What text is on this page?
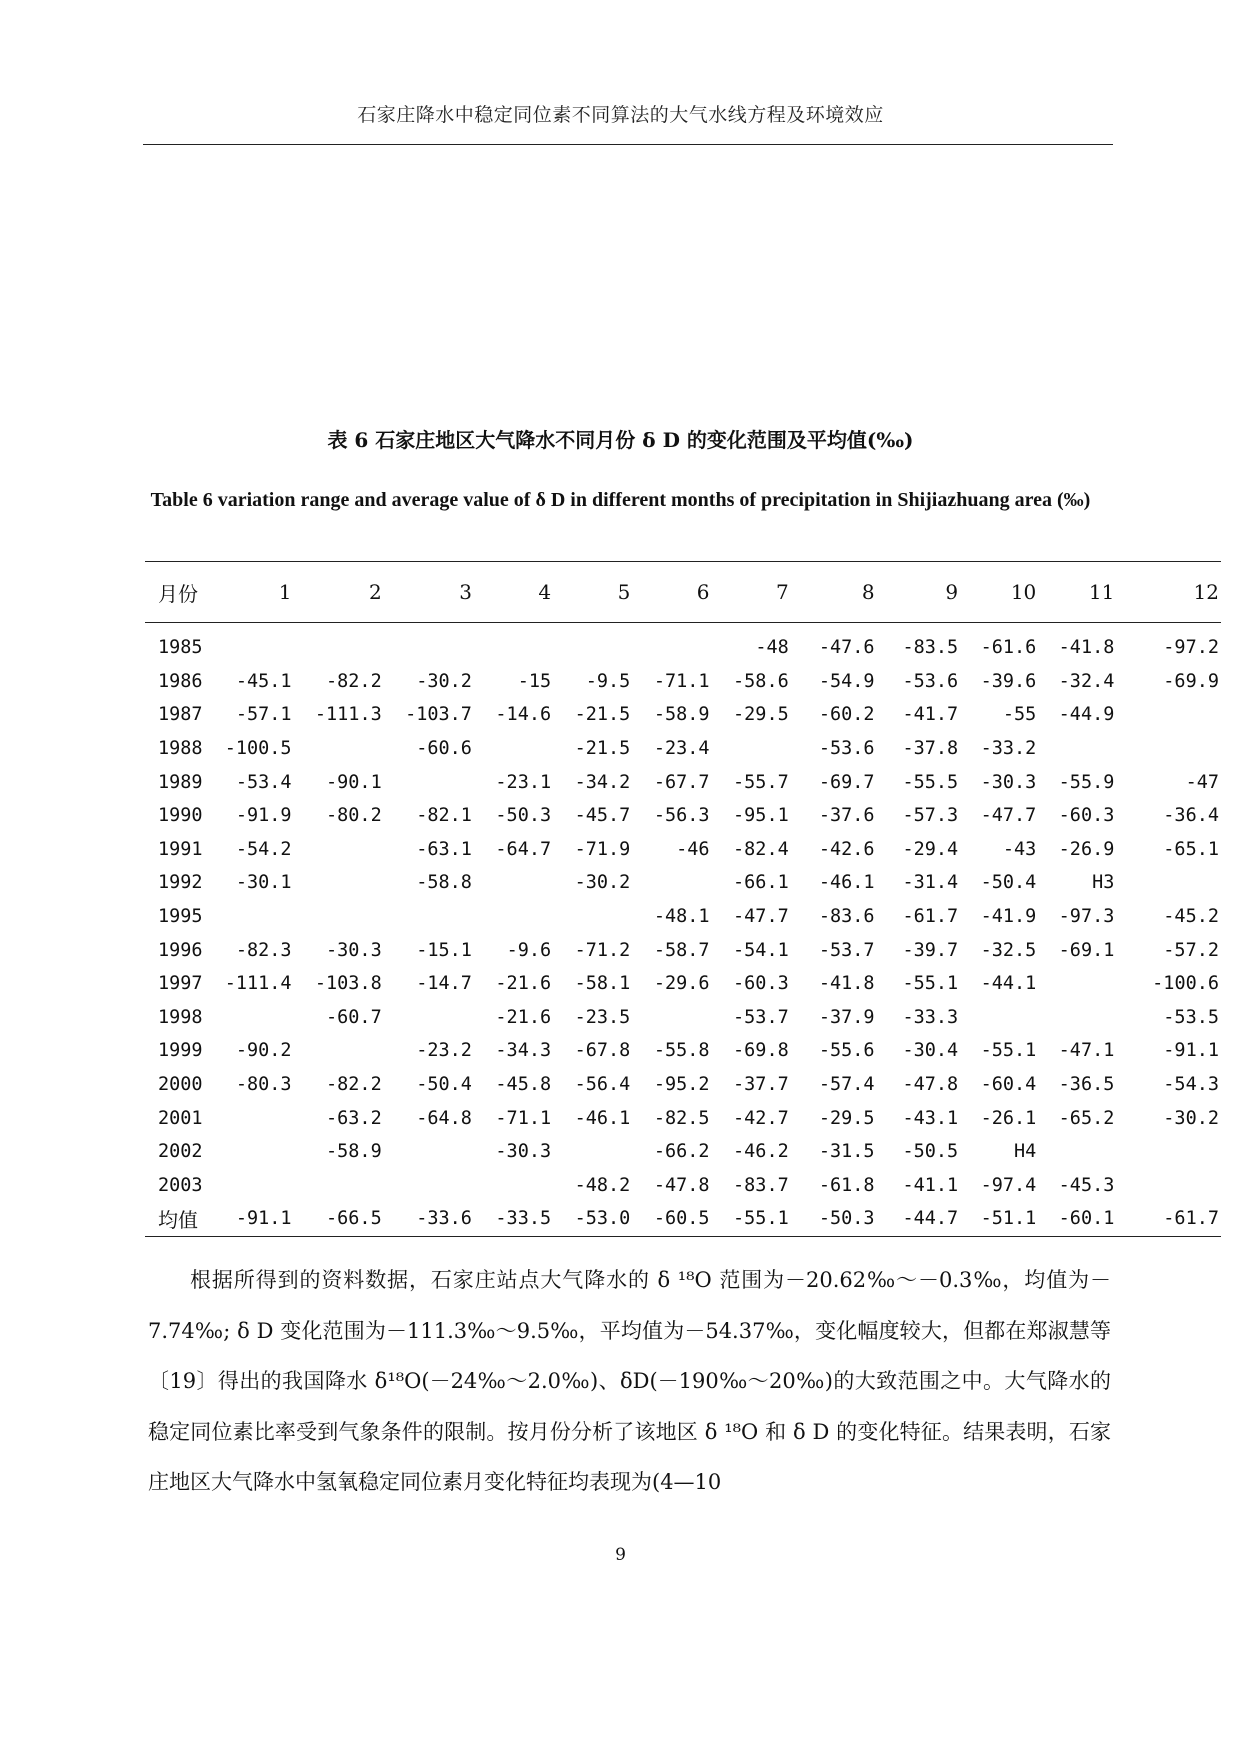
石家庄降水中稳定同位素不同算法的大气水线方程及环境效应
表 6 石家庄地区大气降水不同月份 δ D 的变化范围及平均值(‰)
Table 6 variation range and average value of δ D in different months of precipitation in Shijiazhuang area (‰)
月份	1	2	3	4	5	6	7	8	9	10	11	12
1985							-48	-47.6	-83.5	-61.6	-41.8	-97.2
1986	-45.1	-82.2	-30.2	-15	-9.5	-71.1	-58.6	-54.9	-53.6	-39.6	-32.4	-69.9
1987	-57.1	-111.3	-103.7	-14.6	-21.5	-58.9	-29.5	-60.2	-41.7	-55	-44.9	
1988	-100.5		-60.6		-21.5	-23.4		-53.6	-37.8	-33.2		
1989	-53.4	-90.1		-23.1	-34.2	-67.7	-55.7	-69.7	-55.5	-30.3	-55.9	-47
1990	-91.9	-80.2	-82.1	-50.3	-45.7	-56.3	-95.1	-37.6	-57.3	-47.7	-60.3	-36.4
1991	-54.2		-63.1	-64.7	-71.9	-46	-82.4	-42.6	-29.4	-43	-26.9	-65.1
1992	-30.1		-58.8		-30.2		-66.1	-46.1	-31.4	-50.4	H3	
1995						-48.1	-47.7	-83.6	-61.7	-41.9	-97.3	-45.2
1996	-82.3	-30.3	-15.1	-9.6	-71.2	-58.7	-54.1	-53.7	-39.7	-32.5	-69.1	-57.2
1997	-111.4	-103.8	-14.7	-21.6	-58.1	-29.6	-60.3	-41.8	-55.1	-44.1		-100.6
1998		-60.7		-21.6	-23.5		-53.7	-37.9	-33.3			-53.5
1999	-90.2		-23.2	-34.3	-67.8	-55.8	-69.8	-55.6	-30.4	-55.1	-47.1	-91.1
2000	-80.3	-82.2	-50.4	-45.8	-56.4	-95.2	-37.7	-57.4	-47.8	-60.4	-36.5	-54.3
2001		-63.2	-64.8	-71.1	-46.1	-82.5	-42.7	-29.5	-43.1	-26.1	-65.2	-30.2
2002		-58.9		-30.3		-66.2	-46.2	-31.5	-50.5	H4		
2003					-48.2	-47.8	-83.7	-61.8	-41.1	-97.4	-45.3	
均值	-91.1	-66.5	-33.6	-33.5	-53.0	-60.5	-55.1	-50.3	-44.7	-51.1	-60.1	-61.7

根据所得到的资料数据，石家庄站点大气降水的 δ ¹⁸O 范围为－20.62‰～－0.3‰，均值为－7.74‰; δ D 变化范围为－111.3‰～9.5‰，平均值为－54.37‰，变化幅度较大，但都在郑淑慧等〔19〕得出的我国降水 δ¹⁸O(－24‰～2.0‰)、δD(－190‰～20‰)的大致范围之中。大气降水的稳定同位素比率受到气象条件的限制。按月份分析了该地区 δ ¹⁸O 和 δ D 的变化特征。结果表明，石家庄地区大气降水中氢氧稳定同位素月变化特征均表现为(4—10

9
